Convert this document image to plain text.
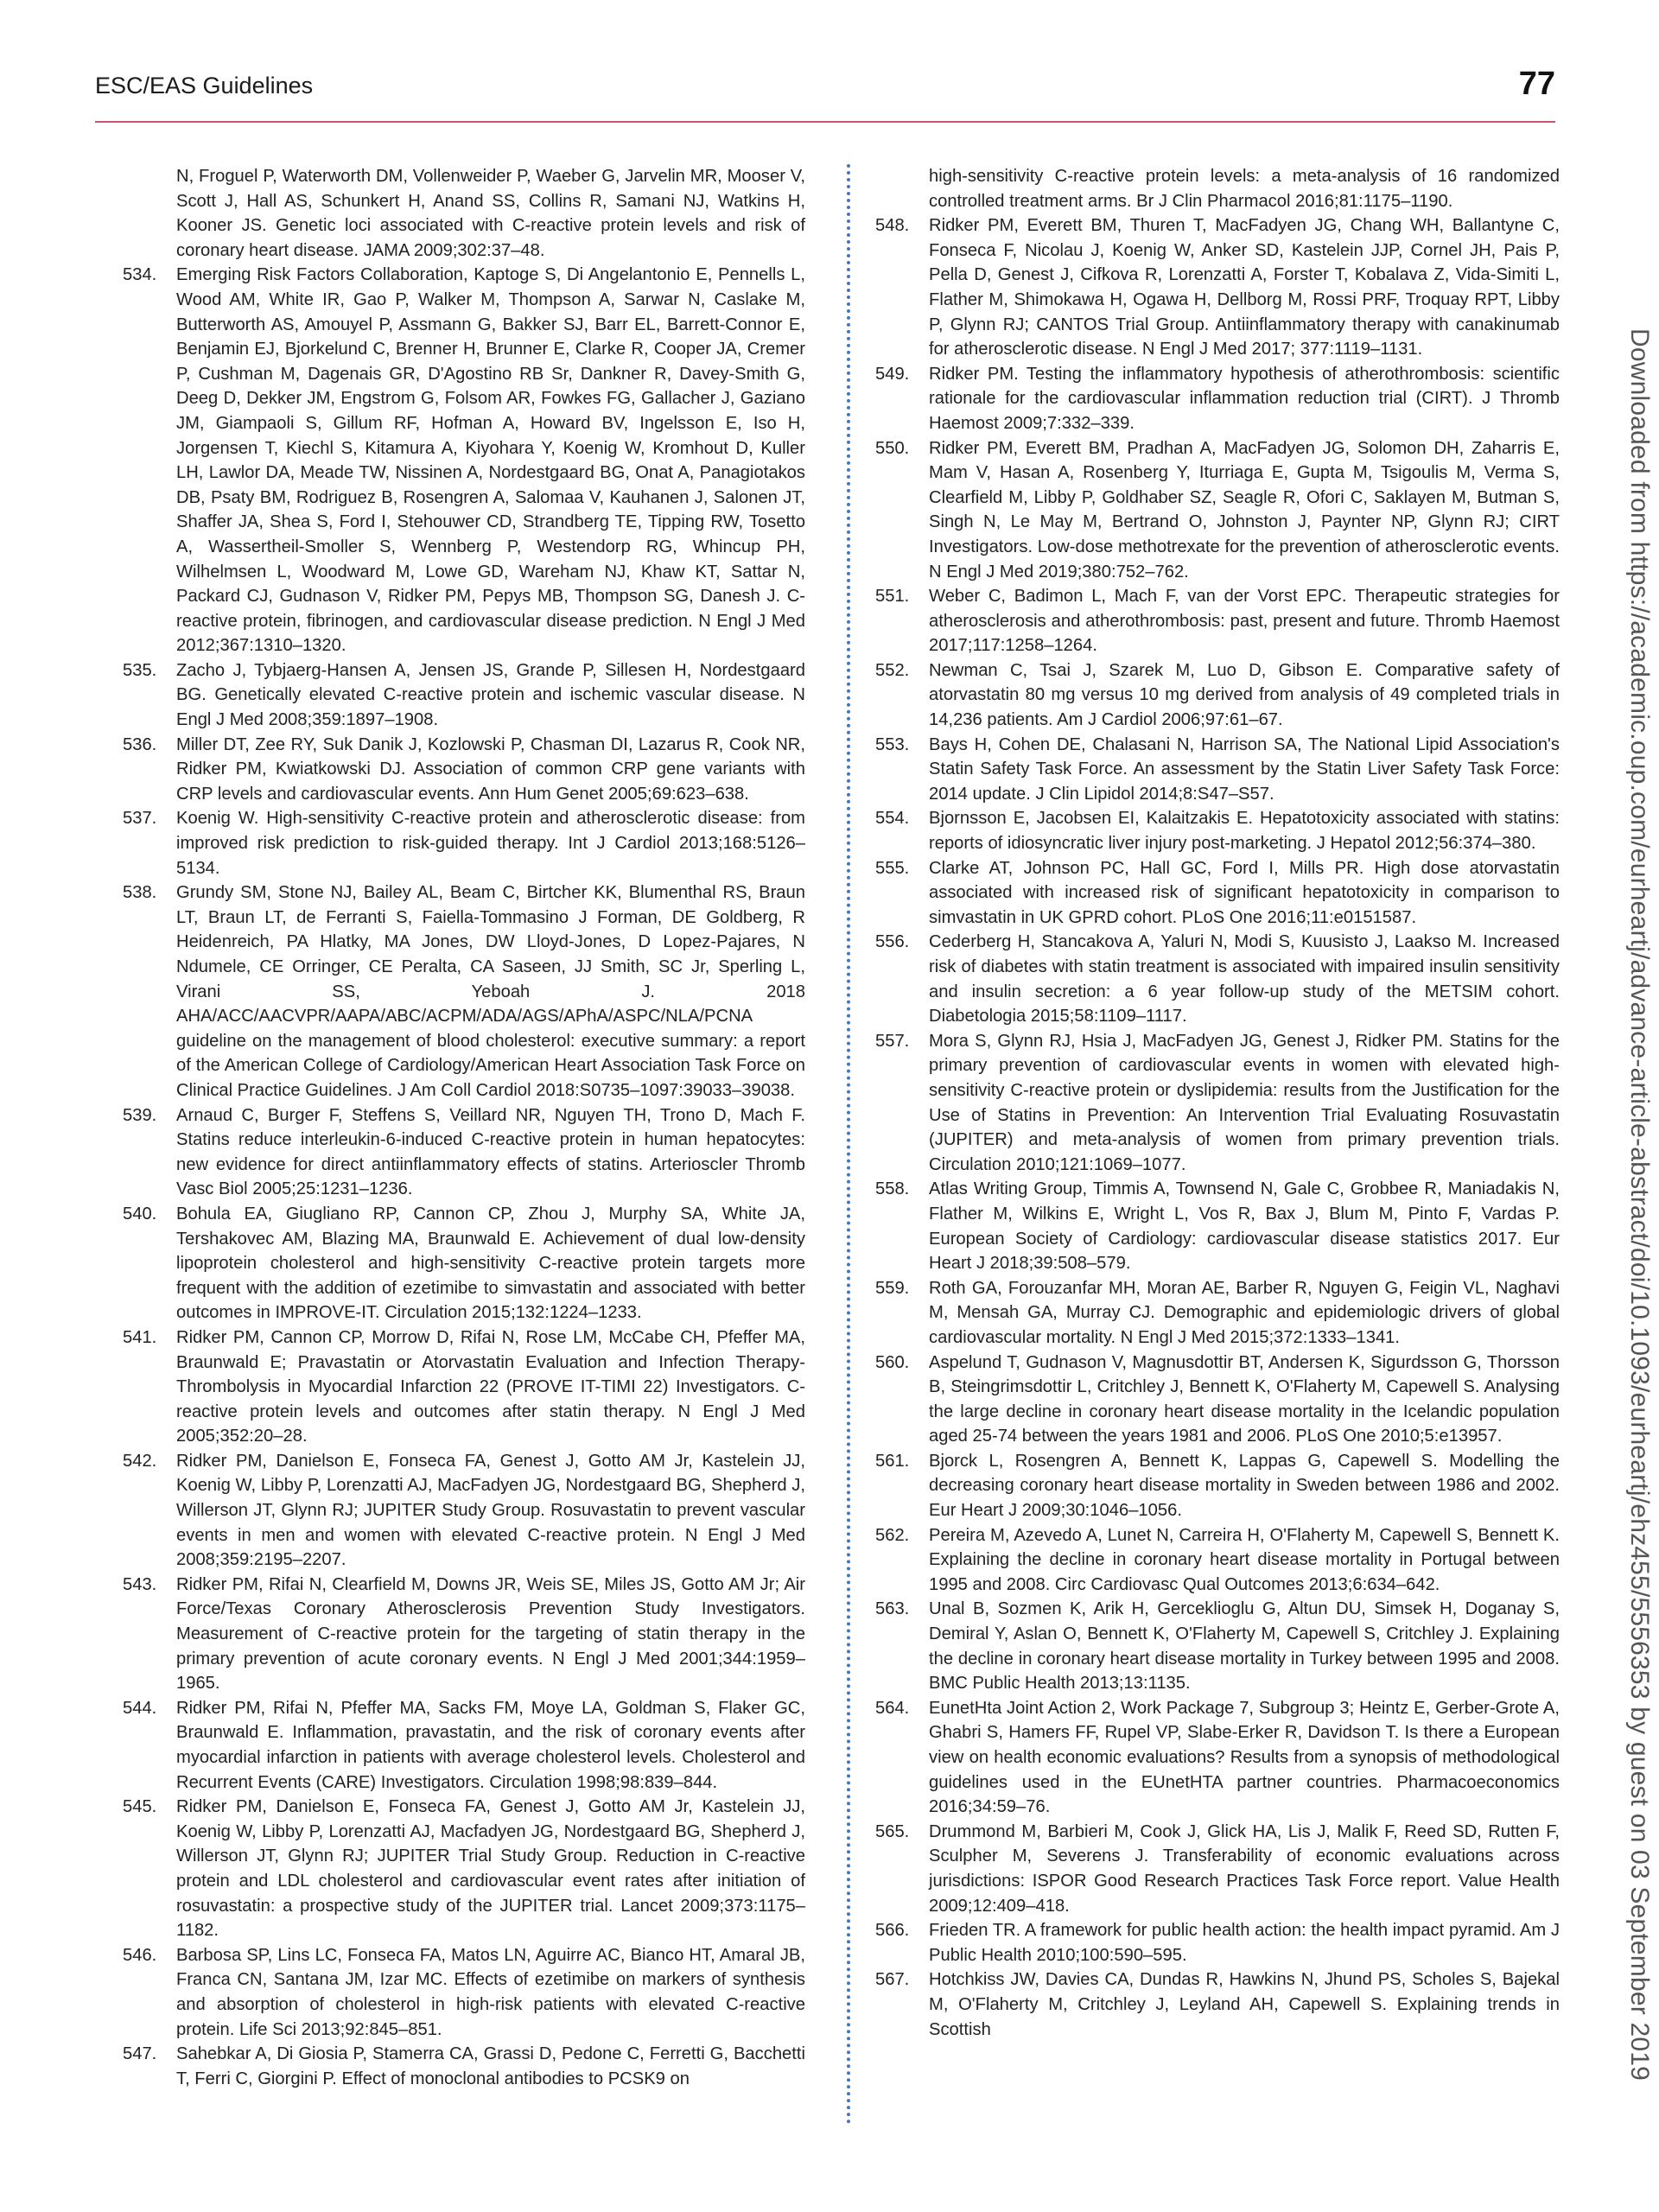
ESC/EAS Guidelines	77
N, Froguel P, Waterworth DM, Vollenweider P, Waeber G, Jarvelin MR, Mooser V, Scott J, Hall AS, Schunkert H, Anand SS, Collins R, Samani NJ, Watkins H, Kooner JS. Genetic loci associated with C-reactive protein levels and risk of coronary heart disease. JAMA 2009;302:37–48.
534. Emerging Risk Factors Collaboration, Kaptoge S, Di Angelantonio E, Pennells L, Wood AM, White IR, Gao P, Walker M, Thompson A, Sarwar N, Caslake M, Butterworth AS, Amouyel P, Assmann G, Bakker SJ, Barr EL, Barrett-Connor E, Benjamin EJ, Bjorkelund C, Brenner H, Brunner E, Clarke R, Cooper JA, Cremer P, Cushman M, Dagenais GR, D'Agostino RB Sr, Dankner R, Davey-Smith G, Deeg D, Dekker JM, Engstrom G, Folsom AR, Fowkes FG, Gallacher J, Gaziano JM, Giampaoli S, Gillum RF, Hofman A, Howard BV, Ingelsson E, Iso H, Jorgensen T, Kiechl S, Kitamura A, Kiyohara Y, Koenig W, Kromhout D, Kuller LH, Lawlor DA, Meade TW, Nissinen A, Nordestgaard BG, Onat A, Panagiotakos DB, Psaty BM, Rodriguez B, Rosengren A, Salomaa V, Kauhanen J, Salonen JT, Shaffer JA, Shea S, Ford I, Stehouwer CD, Strandberg TE, Tipping RW, Tosetto A, Wassertheil-Smoller S, Wennberg P, Westendorp RG, Whincup PH, Wilhelmsen L, Woodward M, Lowe GD, Wareham NJ, Khaw KT, Sattar N, Packard CJ, Gudnason V, Ridker PM, Pepys MB, Thompson SG, Danesh J. C-reactive protein, fibrinogen, and cardiovascular disease prediction. N Engl J Med 2012;367:1310–1320.
535. Zacho J, Tybjaerg-Hansen A, Jensen JS, Grande P, Sillesen H, Nordestgaard BG. Genetically elevated C-reactive protein and ischemic vascular disease. N Engl J Med 2008;359:1897–1908.
536. Miller DT, Zee RY, Suk Danik J, Kozlowski P, Chasman DI, Lazarus R, Cook NR, Ridker PM, Kwiatkowski DJ. Association of common CRP gene variants with CRP levels and cardiovascular events. Ann Hum Genet 2005;69:623–638.
537. Koenig W. High-sensitivity C-reactive protein and atherosclerotic disease: from improved risk prediction to risk-guided therapy. Int J Cardiol 2013;168:5126–5134.
538. Grundy SM, Stone NJ, Bailey AL, Beam C, Birtcher KK, Blumenthal RS, Braun LT, Braun LT, de Ferranti S, Faiella-Tommasino J Forman, DE Goldberg, R Heidenreich, PA Hlatky, MA Jones, DW Lloyd-Jones, D Lopez-Pajares, N Ndumele, CE Orringer, CE Peralta, CA Saseen, JJ Smith, SC Jr, Sperling L, Virani SS, Yeboah J. 2018 AHA/ACC/AACVPR/AAPA/ABC/ACPM/ADA/AGS/APhA/ASPC/NLA/PCNA guideline on the management of blood cholesterol: executive summary: a report of the American College of Cardiology/American Heart Association Task Force on Clinical Practice Guidelines. J Am Coll Cardiol 2018:S0735–1097:39033–39038.
539. Arnaud C, Burger F, Steffens S, Veillard NR, Nguyen TH, Trono D, Mach F. Statins reduce interleukin-6-induced C-reactive protein in human hepatocytes: new evidence for direct antiinflammatory effects of statins. Arterioscler Thromb Vasc Biol 2005;25:1231–1236.
540. Bohula EA, Giugliano RP, Cannon CP, Zhou J, Murphy SA, White JA, Tershakovec AM, Blazing MA, Braunwald E. Achievement of dual low-density lipoprotein cholesterol and high-sensitivity C-reactive protein targets more frequent with the addition of ezetimibe to simvastatin and associated with better outcomes in IMPROVE-IT. Circulation 2015;132:1224–1233.
541. Ridker PM, Cannon CP, Morrow D, Rifai N, Rose LM, McCabe CH, Pfeffer MA, Braunwald E; Pravastatin or Atorvastatin Evaluation and Infection Therapy-Thrombolysis in Myocardial Infarction 22 (PROVE IT-TIMI 22) Investigators. C-reactive protein levels and outcomes after statin therapy. N Engl J Med 2005;352:20–28.
542. Ridker PM, Danielson E, Fonseca FA, Genest J, Gotto AM Jr, Kastelein JJ, Koenig W, Libby P, Lorenzatti AJ, MacFadyen JG, Nordestgaard BG, Shepherd J, Willerson JT, Glynn RJ; JUPITER Study Group. Rosuvastatin to prevent vascular events in men and women with elevated C-reactive protein. N Engl J Med 2008;359:2195–2207.
543. Ridker PM, Rifai N, Clearfield M, Downs JR, Weis SE, Miles JS, Gotto AM Jr; Air Force/Texas Coronary Atherosclerosis Prevention Study Investigators. Measurement of C-reactive protein for the targeting of statin therapy in the primary prevention of acute coronary events. N Engl J Med 2001;344:1959–1965.
544. Ridker PM, Rifai N, Pfeffer MA, Sacks FM, Moye LA, Goldman S, Flaker GC, Braunwald E. Inflammation, pravastatin, and the risk of coronary events after myocardial infarction in patients with average cholesterol levels. Cholesterol and Recurrent Events (CARE) Investigators. Circulation 1998;98:839–844.
545. Ridker PM, Danielson E, Fonseca FA, Genest J, Gotto AM Jr, Kastelein JJ, Koenig W, Libby P, Lorenzatti AJ, Macfadyen JG, Nordestgaard BG, Shepherd J, Willerson JT, Glynn RJ; JUPITER Trial Study Group. Reduction in C-reactive protein and LDL cholesterol and cardiovascular event rates after initiation of rosuvastatin: a prospective study of the JUPITER trial. Lancet 2009;373:1175–1182.
546. Barbosa SP, Lins LC, Fonseca FA, Matos LN, Aguirre AC, Bianco HT, Amaral JB, Franca CN, Santana JM, Izar MC. Effects of ezetimibe on markers of synthesis and absorption of cholesterol in high-risk patients with elevated C-reactive protein. Life Sci 2013;92:845–851.
547. Sahebkar A, Di Giosia P, Stamerra CA, Grassi D, Pedone C, Ferretti G, Bacchetti T, Ferri C, Giorgini P. Effect of monoclonal antibodies to PCSK9 on
high-sensitivity C-reactive protein levels: a meta-analysis of 16 randomized controlled treatment arms. Br J Clin Pharmacol 2016;81:1175–1190.
548. Ridker PM, Everett BM, Thuren T, MacFadyen JG, Chang WH, Ballantyne C, Fonseca F, Nicolau J, Koenig W, Anker SD, Kastelein JJP, Cornel JH, Pais P, Pella D, Genest J, Cifkova R, Lorenzatti A, Forster T, Kobalava Z, Vida-Simiti L, Flather M, Shimokawa H, Ogawa H, Dellborg M, Rossi PRF, Troquay RPT, Libby P, Glynn RJ; CANTOS Trial Group. Antiinflammatory therapy with canakinumab for atherosclerotic disease. N Engl J Med 2017; 377:1119–1131.
549. Ridker PM. Testing the inflammatory hypothesis of atherothrombosis: scientific rationale for the cardiovascular inflammation reduction trial (CIRT). J Thromb Haemost 2009;7:332–339.
550. Ridker PM, Everett BM, Pradhan A, MacFadyen JG, Solomon DH, Zaharris E, Mam V, Hasan A, Rosenberg Y, Iturriaga E, Gupta M, Tsigoulis M, Verma S, Clearfield M, Libby P, Goldhaber SZ, Seagle R, Ofori C, Saklayen M, Butman S, Singh N, Le May M, Bertrand O, Johnston J, Paynter NP, Glynn RJ; CIRT Investigators. Low-dose methotrexate for the prevention of atherosclerotic events. N Engl J Med 2019;380:752–762.
551. Weber C, Badimon L, Mach F, van der Vorst EPC. Therapeutic strategies for atherosclerosis and atherothrombosis: past, present and future. Thromb Haemost 2017;117:1258–1264.
552. Newman C, Tsai J, Szarek M, Luo D, Gibson E. Comparative safety of atorvastatin 80 mg versus 10 mg derived from analysis of 49 completed trials in 14,236 patients. Am J Cardiol 2006;97:61–67.
553. Bays H, Cohen DE, Chalasani N, Harrison SA, The National Lipid Association's Statin Safety Task Force. An assessment by the Statin Liver Safety Task Force: 2014 update. J Clin Lipidol 2014;8:S47–S57.
554. Bjornsson E, Jacobsen EI, Kalaitzakis E. Hepatotoxicity associated with statins: reports of idiosyncratic liver injury post-marketing. J Hepatol 2012;56:374–380.
555. Clarke AT, Johnson PC, Hall GC, Ford I, Mills PR. High dose atorvastatin associated with increased risk of significant hepatotoxicity in comparison to simvastatin in UK GPRD cohort. PLoS One 2016;11:e0151587.
556. Cederberg H, Stancakova A, Yaluri N, Modi S, Kuusisto J, Laakso M. Increased risk of diabetes with statin treatment is associated with impaired insulin sensitivity and insulin secretion: a 6 year follow-up study of the METSIM cohort. Diabetologia 2015;58:1109–1117.
557. Mora S, Glynn RJ, Hsia J, MacFadyen JG, Genest J, Ridker PM. Statins for the primary prevention of cardiovascular events in women with elevated high-sensitivity C-reactive protein or dyslipidemia: results from the Justification for the Use of Statins in Prevention: An Intervention Trial Evaluating Rosuvastatin (JUPITER) and meta-analysis of women from primary prevention trials. Circulation 2010;121:1069–1077.
558. Atlas Writing Group, Timmis A, Townsend N, Gale C, Grobbee R, Maniadakis N, Flather M, Wilkins E, Wright L, Vos R, Bax J, Blum M, Pinto F, Vardas P. European Society of Cardiology: cardiovascular disease statistics 2017. Eur Heart J 2018;39:508–579.
559. Roth GA, Forouzanfar MH, Moran AE, Barber R, Nguyen G, Feigin VL, Naghavi M, Mensah GA, Murray CJ. Demographic and epidemiologic drivers of global cardiovascular mortality. N Engl J Med 2015;372:1333–1341.
560. Aspelund T, Gudnason V, Magnusdottir BT, Andersen K, Sigurdsson G, Thorsson B, Steingrimsdottir L, Critchley J, Bennett K, O'Flaherty M, Capewell S. Analysing the large decline in coronary heart disease mortality in the Icelandic population aged 25-74 between the years 1981 and 2006. PLoS One 2010;5:e13957.
561. Bjorck L, Rosengren A, Bennett K, Lappas G, Capewell S. Modelling the decreasing coronary heart disease mortality in Sweden between 1986 and 2002. Eur Heart J 2009;30:1046–1056.
562. Pereira M, Azevedo A, Lunet N, Carreira H, O'Flaherty M, Capewell S, Bennett K. Explaining the decline in coronary heart disease mortality in Portugal between 1995 and 2008. Circ Cardiovasc Qual Outcomes 2013;6:634–642.
563. Unal B, Sozmen K, Arik H, Gerceklioglu G, Altun DU, Simsek H, Doganay S, Demiral Y, Aslan O, Bennett K, O'Flaherty M, Capewell S, Critchley J. Explaining the decline in coronary heart disease mortality in Turkey between 1995 and 2008. BMC Public Health 2013;13:1135.
564. EunetHta Joint Action 2, Work Package 7, Subgroup 3; Heintz E, Gerber-Grote A, Ghabri S, Hamers FF, Rupel VP, Slabe-Erker R, Davidson T. Is there a European view on health economic evaluations? Results from a synopsis of methodological guidelines used in the EUnetHTA partner countries. Pharmacoeconomics 2016;34:59–76.
565. Drummond M, Barbieri M, Cook J, Glick HA, Lis J, Malik F, Reed SD, Rutten F, Sculpher M, Severens J. Transferability of economic evaluations across jurisdictions: ISPOR Good Research Practices Task Force report. Value Health 2009;12:409–418.
566. Frieden TR. A framework for public health action: the health impact pyramid. Am J Public Health 2010;100:590–595.
567. Hotchkiss JW, Davies CA, Dundas R, Hawkins N, Jhund PS, Scholes S, Bajekal M, O'Flaherty M, Critchley J, Leyland AH, Capewell S. Explaining trends in Scottish	Downloaded from https://academic.oup.com/eurheartj/advance-article-abstract/doi/10.1093/eurheartj/ehz455/5556353 by guest on 03 September 2019
